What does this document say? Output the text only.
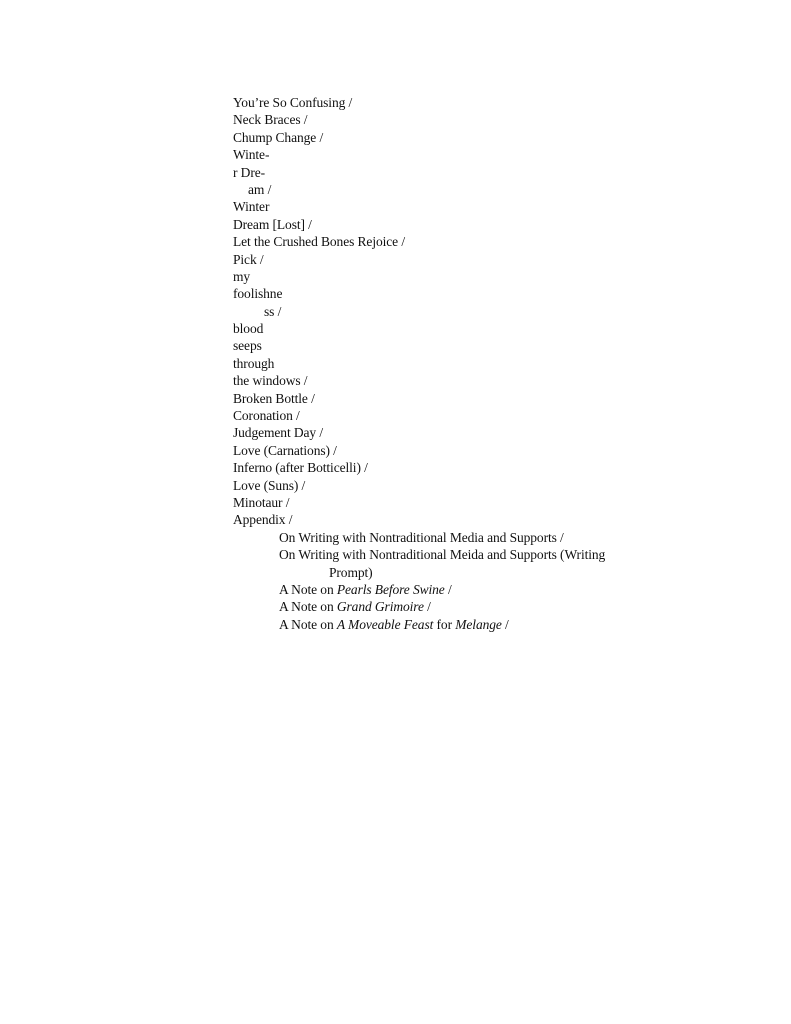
You’re So Confusing /
Neck Braces /
Chump Change /
Winte-
r Dre-
am /
Winter
Dream [Lost] /
Let the Crushed Bones Rejoice /
Pick /
my
foolishne
ss /
blood
seeps
through
the windows /
Broken Bottle /
Coronation /
Judgement Day /
Love (Carnations) /
Inferno (after Botticelli) /
Love (Suns) /
Minotaur /
Appendix /
On Writing with Nontraditional Media and Supports /
On Writing with Nontraditional Meida and Supports (Writing
Prompt)
A Note on Pearls Before Swine /
A Note on Grand Grimoire /
A Note on A Moveable Feast for Melange /
